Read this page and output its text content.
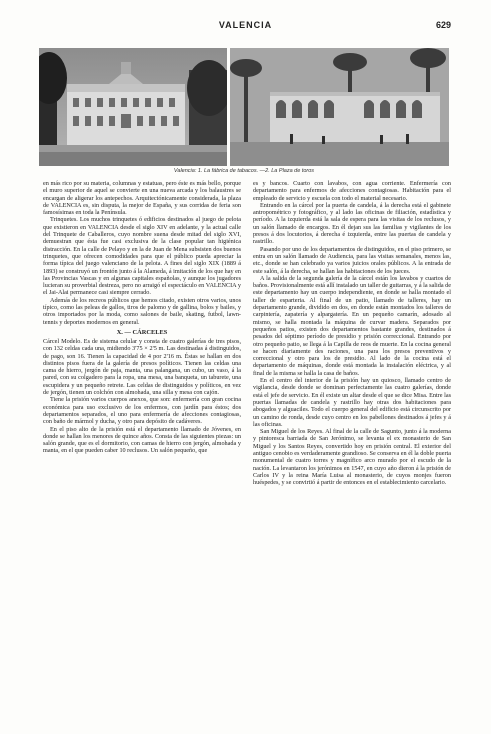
VALENCIA	629
Valencia: 1. La fábrica de tabacos. —2. La Plaza de toros

en más rico por su materia, columnas y estatuas, pero éste es más bello, porque el muro superior de aquel se convierte en una nueva arcada y los balaustres se encargan de aligerar los antepechos. Arquitectónicamente considerada, la plaza de VALENCIA es, sin disputa, la mejor de España, y sus corridas de feria son famosísimas en toda la Península.

Trinquetes. Los muchos trinquetes ó edificios destinados al juego de pelota que existieron en VALENCIA desde el siglo XIV en adelante, y la actual calle del Trinquete de Caballeros, cuyo nombre suena desde mitad del siglo XVI, demuestran que ésta fue casi exclusiva de la clase popular tan higiénica distracción. En la calle de Pelayo y en la de Juan de Mena subsisten dos buenos trinquetes, que ofrecen comodidades para que el público pueda apreciar la forma típica del juego valenciano de la pelota. A fines del siglo XIX (1889 á 1893) se construyó un frontón junto á la Alameda, á imitación de los que hay en las Provincias Vascas y en algunas capitales españolas, y aunque los jugadores lucieran su proverbial destreza, pero no arraigó el espectáculo en VALENCIA y el Jai-Alai permanece casi siempre cerrado.

Además de los recreos públicos que hemos citado, existen otros varios, unos típico, como las peleas de gallos, tiros de palomo y de gallina, bolos y bailes, y otros importados por la moda, como salones de baile, skating, futbol, lawn-tennis y deportes modernos en general.

X. — CÁRCELES

Cárcel Modelo. Es de sistema celular y consta de cuatro galerías de tres pisos, con 132 celdas cada una, midiendo 3'75 × 2'5 m. Las destinadas á distinguidos, de pago, son 16. Tienen la capacidad de 4 por 2'16 m. Éstas se hallan en dos distintos pisos fuera de la galería de presos políticos. Tienen las celdas una cama de hierro, jergón de paja, manta, una palangana, un cubo, un vaso, á la pared, con su colgadero para la ropa, una mesa, una banqueta, un taburete, una escupidera y un pequeño retrete. Las celdas de distinguidos y políticos, en vez de jergón, tienen un colchón con almohada, una silla y mesa con cajón.

Tiene la prisión varios cuerpos anexos, que son: enfermería con gran cocina económica para uso exclusivo de los enfermos, con jardín para éstos; dos departamentos separados, el uno para enfermería de afecciones contagiosas, con baño de mármol y ducha, y otro para depósito de cadáveres.

En el piso alto de la prisión está el departamento llamado de Jóvenes, en donde se hallan los menores de quince años. Consta de las siguientes piezas: un salón grande, que es el dormitorio, con camas de hierro con jergón, almohada y manta, en el que pueden caber 10 reclusos. Un salón pequeño, que

es y bancos. Cuarto con lavabos, con agua corriente. Enfermería con departamento para enfermos de afecciones contagiosas. Habitación para el empleado de servicio y escuela con todo el material necesario.

Entrando en la cárcel por la puerta de candela, á la derecha está el gabinete antropométrico y fotográfico, y al lado las oficinas de filiación, estadística y período. A la izquierda está la sala de espera para las visitas de los reclusos, y un salón llamado de encargos. En él dejan sus las familias y vigilantes de los presos á dos locutorios, á derecha é izquierda, entre las puertas de candela y rastrillo.

Pasando por uno de los departamentos de distinguidos, en el piso primero, se entra en un salón llamado de Audiencia, para las visitas semanales, menos las, etc., donde se han celebrado ya varios juicios orales públicos. A la entrada de este salón, á la derecha, se hallan las habitaciones de los jueces.

A la salida de la segunda galería de la cárcel están los lavabos y cuartos de baños. Provisionalmente está allí instalado un taller de guitarras, y á la salida de este departamento hay un cuerpo independiente, en donde se halla montado el taller de esparteria. Al final de un patio, llamado de talleres, hay un departamento grande, dividido en dos, en donde están montados los talleres de carpintería, zapatería y alpargatería. En un pequeño camarín, adosado al mismo, se halla montada la máquina de curvar madera. Separados por pequeños patios, existen dos departamentos bastante grandes, destinados á pesados del séptimo período de presidio y prisión correccional. Entrando por otro pequeño patio, se llega á la Capilla de reos de muerte. En la cocina general se hacen diariamente des raciones, una para los presos preventivos y correccional y otro para los de presidio. Al lado de la cocina está el departamento de máquinas, donde está montada la instalación eléctrica, y al final de la misma se halla la casa de baños.

En el centro del interior de la prisión hay un quiosco, llamado centro de vigilancia, desde donde se dominan perfectamente las cuatro galerías, donde está el jefe de servicio. En él existe un altar desde el que se dice Misa. Entre las puertas llamadas de candela y rastrillo hay otras dos habitaciones para abogados y alguaciles. Todo el cuerpo general del edificio está circunscrito por un camino de ronda, desde cuyo centro en los pabellones destinados á jefes y á las oficinas.

San Miguel de los Reyes. Al final de la calle de Sagunto, junto á la moderna y pintoresca barriada de San Jerónimo, se levanta el ex monasterio de San Miguel y los Santos Reyes, convertido hoy en prisión central. El exterior del antiguo cenobio es verdaderamente grandioso. Se conserva en él la doble puerta monumental de cuatro torres y magnífico arco murado por el escudo de la nación. La levantaron los jerónimos en 1547, en cuyo año dieron á la prisión de Carlos IV y la reina María Luisa al monasterio, de cuyos monjes fueron huéspedes, y se convirtió á partir de entonces en el establecimiento carcelario.
